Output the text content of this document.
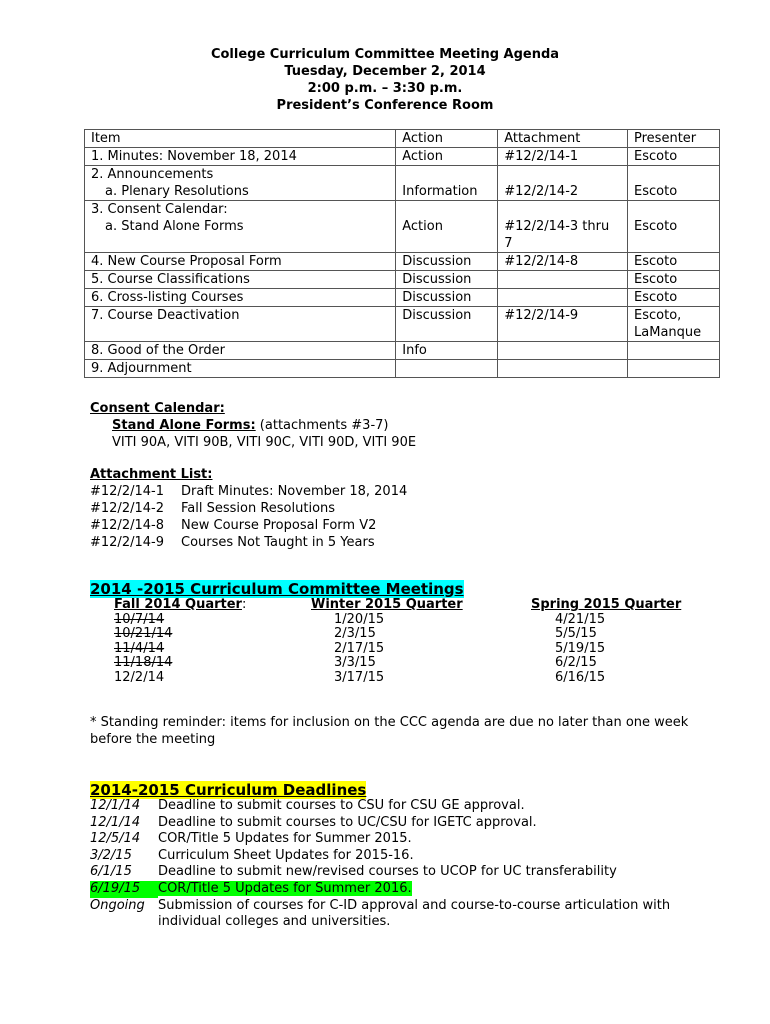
College Curriculum Committee Meeting Agenda
Tuesday, December 2, 2014
2:00 p.m. – 3:30 p.m.
President’s Conference Room
Item	Action	Attachment	Presenter
1. Minutes: November 18, 2014	Action	#12/2/14-1	Escoto
2. Announcements
a. Plenary Resolutions	Information	#12/2/14-2	Escoto

3. Consent Calendar:
a. Stand Alone Forms	Action	#12/2/14-3 thru 7	Escoto

4. New Course Proposal Form	Discussion	#12/2/14-8	Escoto
5. Course Classifications	Discussion		Escoto
6. Cross-listing Courses	Discussion		Escoto
7. Course Deactivation	Discussion	#12/2/14-9	Escoto,
LaManque
8. Good of the Order	Info		
9. Adjournment			
Consent Calendar:
Stand Alone Forms: (attachments #3-7)
VITI 90A, VITI 90B, VITI 90C, VITI 90D, VITI 90E
Attachment List:
#12/2/14-1	Draft Minutes: November 18, 2014
#12/2/14-2	Fall Session Resolutions
#12/2/14-8	New Course Proposal Form V2
#12/2/14-9	Courses Not Taught in 5 Years
2014 -2015 Curriculum Committee Meetings
Fall 2014 Quarter:
10/7/14
10/21/14
11/4/14
11/18/14
12/2/14
Winter 2015 Quarter
1/20/15
2/3/15
2/17/15
3/3/15
3/17/15
Spring 2015 Quarter
4/21/15
5/5/15
5/19/15
6/2/15
6/16/15
* Standing reminder: items for inclusion on the CCC agenda are due no later than one week before the meeting
2014-2015 Curriculum Deadlines
12/1/14	Deadline to submit courses to CSU for CSU GE approval.
12/1/14	Deadline to submit courses to UC/CSU for IGETC approval.
12/5/14	COR/Title 5 Updates for Summer 2015.
3/2/15	Curriculum Sheet Updates for 2015-16.
6/1/15	Deadline to submit new/revised courses to UCOP for UC transferability
6/19/15	COR/Title 5 Updates for Summer 2016.
Ongoing	Submission of courses for C-ID approval and course-to-course articulation with individual colleges and universities.
